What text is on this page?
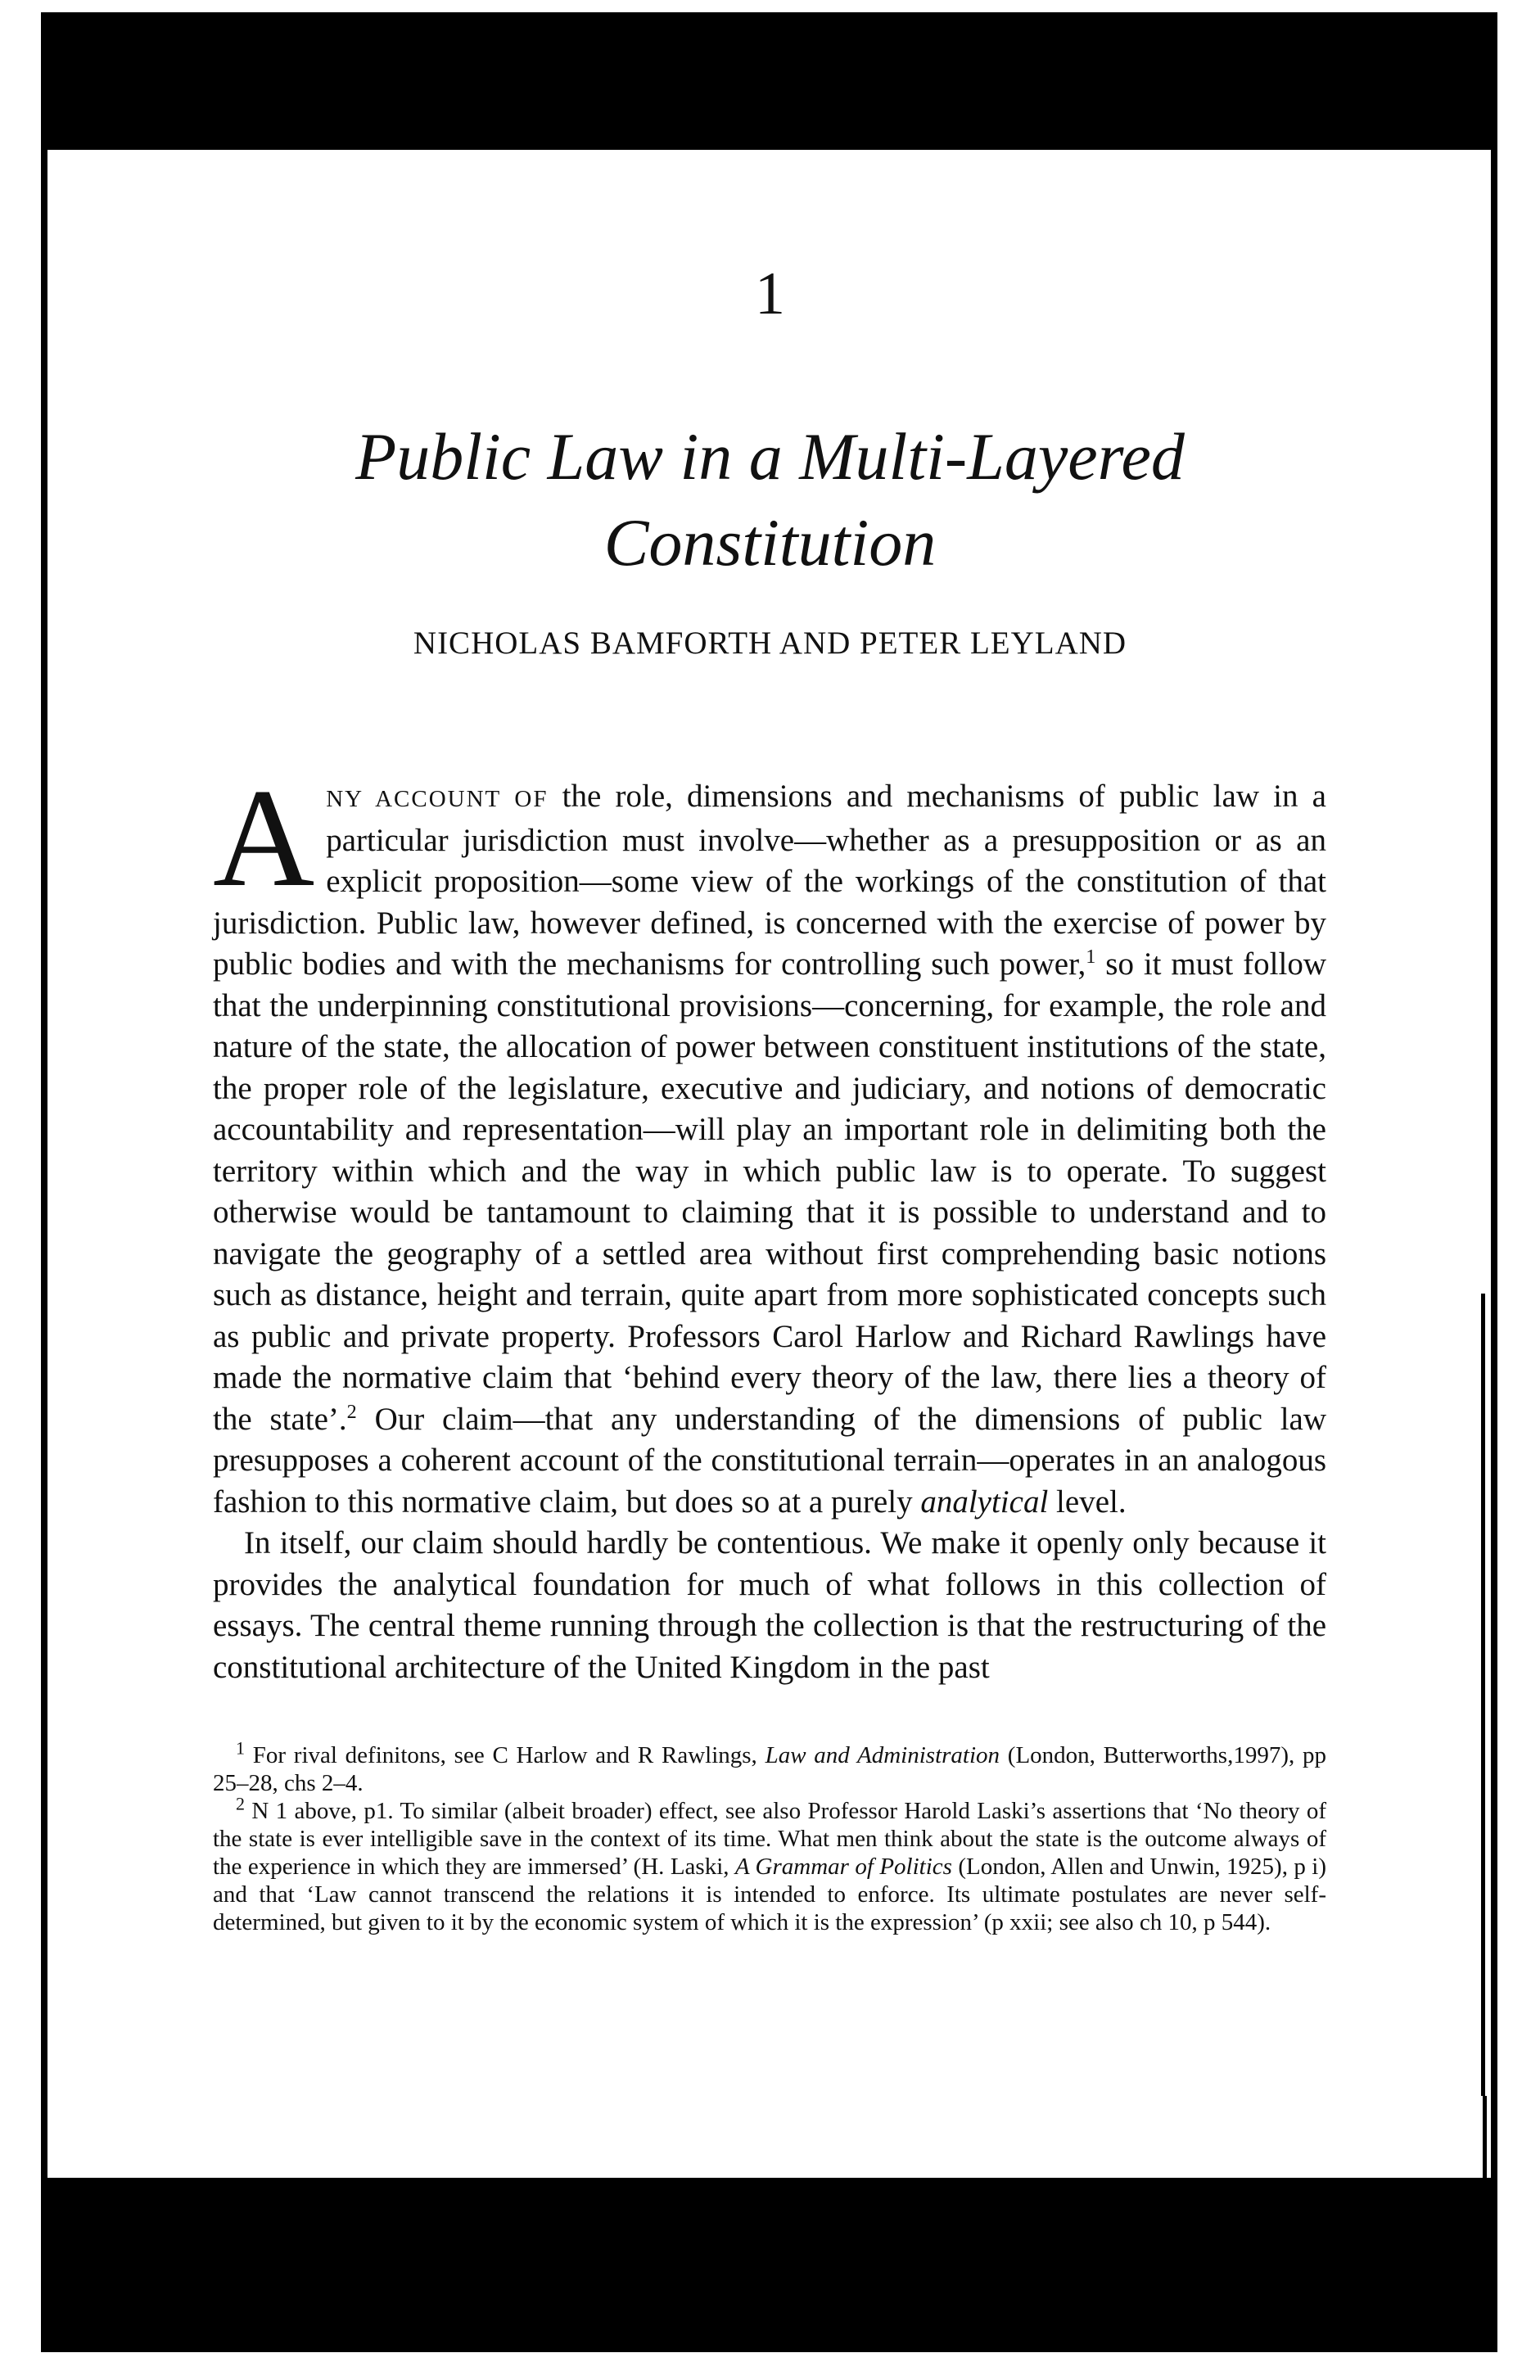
1
Public Law in a Multi-Layered
Constitution
NICHOLAS BAMFORTH AND PETER LEYLAND

ANY ACCOUNT OF the role, dimensions and mechanisms of public law in a particular jurisdiction must involve—whether as a presupposition or as an explicit proposition—some view of the workings of the constitution of that jurisdiction. Public law, however defined, is concerned with the exercise of power by public bodies and with the mechanisms for controlling such power,$^1$ so it must follow that the underpinning constitutional provisions—concerning, for example, the role and nature of the state, the allocation of power between constituent institutions of the state, the proper role of the legislature, executive and judiciary, and notions of democratic accountability and representation—will play an important role in delimiting both the territory within which and the way in which public law is to operate. To suggest otherwise would be tantamount to claiming that it is possible to understand and to navigate the geography of a settled area without first comprehending basic notions such as distance, height and terrain, quite apart from more sophisticated concepts such as public and private property. Professors Carol Harlow and Richard Rawlings have made the normative claim that ‘behind every theory of the law, there lies a theory of the state’.$^2$ Our claim—that any understanding of the dimensions of public law presupposes a coherent account of the constitutional terrain—operates in an analogous fashion to this normative claim, but does so at a purely analytical level.

In itself, our claim should hardly be contentious. We make it openly only because it provides the analytical foundation for much of what follows in this collection of essays. The central theme running through the collection is that the restructuring of the constitutional architecture of the United Kingdom in the past

$^1$ For rival definitons, see C Harlow and R Rawlings, Law and Administration (London, Butterworths,1997), pp 25–28, chs 2–4.

$^2$ N 1 above, p1. To similar (albeit broader) effect, see also Professor Harold Laski’s assertions that ‘No theory of the state is ever intelligible save in the context of its time. What men think about the state is the outcome always of the experience in which they are immersed’ (H. Laski, A Grammar of Politics (London, Allen and Unwin, 1925), p i) and that ‘Law cannot transcend the relations it is intended to enforce. Its ultimate postulates are never self-determined, but given to it by the economic system of which it is the expression’ (p xxii; see also ch 10, p 544).
